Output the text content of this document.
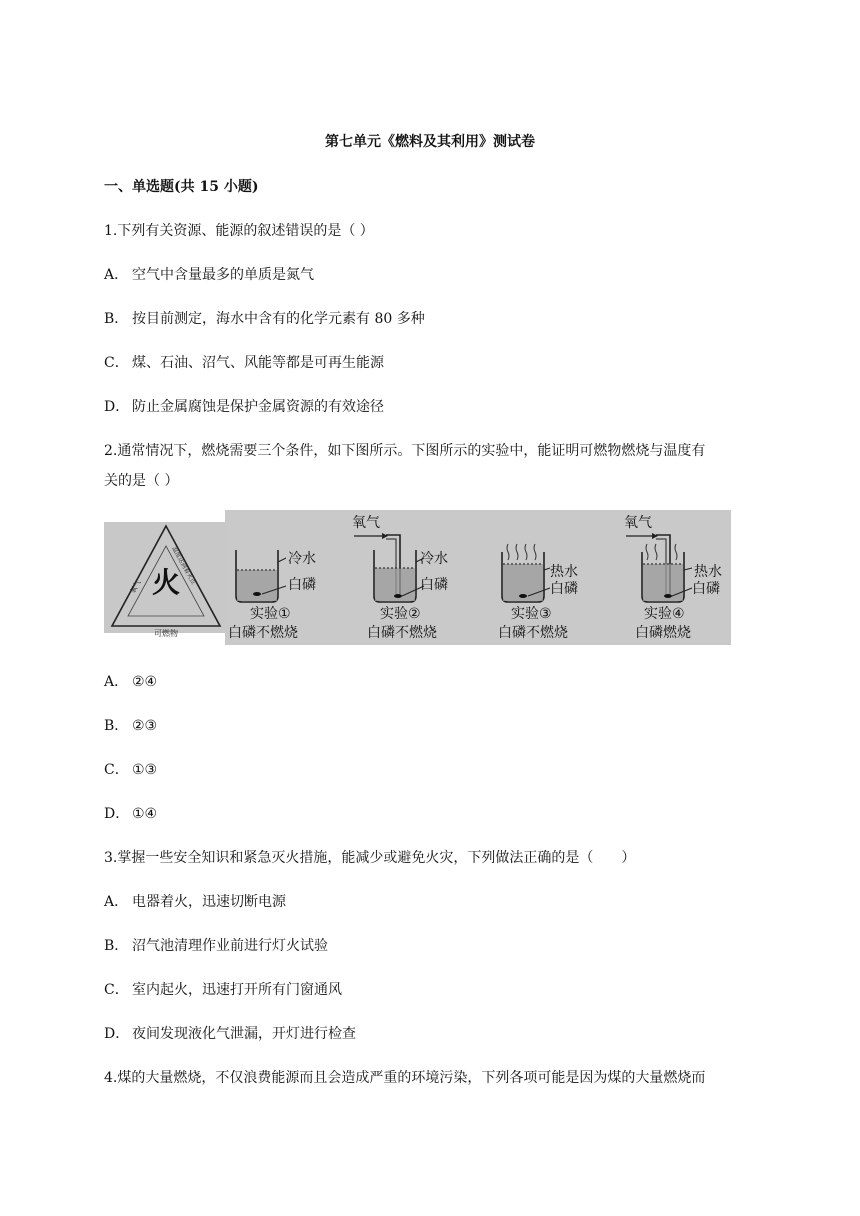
第七单元《燃料及其利用》测试卷
一、单选题(共 15 小题)
1.下列有关资源、能源的叙述错误的是（ ）
A． 空气中含量最多的单质是氮气
B． 按目前测定，海水中含有的化学元素有 80 多种
C． 煤、石油、沼气、风能等都是可再生能源
D． 防止金属腐蚀是保护金属资源的有效途径
2.通常情况下，燃烧需要三个条件，如下图所示。下图所示的实验中，能证明可燃物燃烧与温度有
关的是（ ）
火
可燃物
氧气
温度达到着火点	冷水
白磷
实验①
白磷不燃烧
氧气
冷水
白磷
实验②
白磷不燃烧
热水
白磷
实验③
白磷不燃烧
氧气
热水
白磷
实验④
白磷燃烧
A． ②④
B． ②③
C． ①③
D． ①④
3.掌握一些安全知识和紧急灭火措施，能减少或避免火灾，下列做法正确的是（　　）
A． 电器着火，迅速切断电源
B． 沼气池清理作业前进行灯火试验
C． 室内起火，迅速打开所有门窗通风
D． 夜间发现液化气泄漏，开灯进行检查
4.煤的大量燃烧，不仅浪费能源而且会造成严重的环境污染，下列各项可能是因为煤的大量燃烧而
